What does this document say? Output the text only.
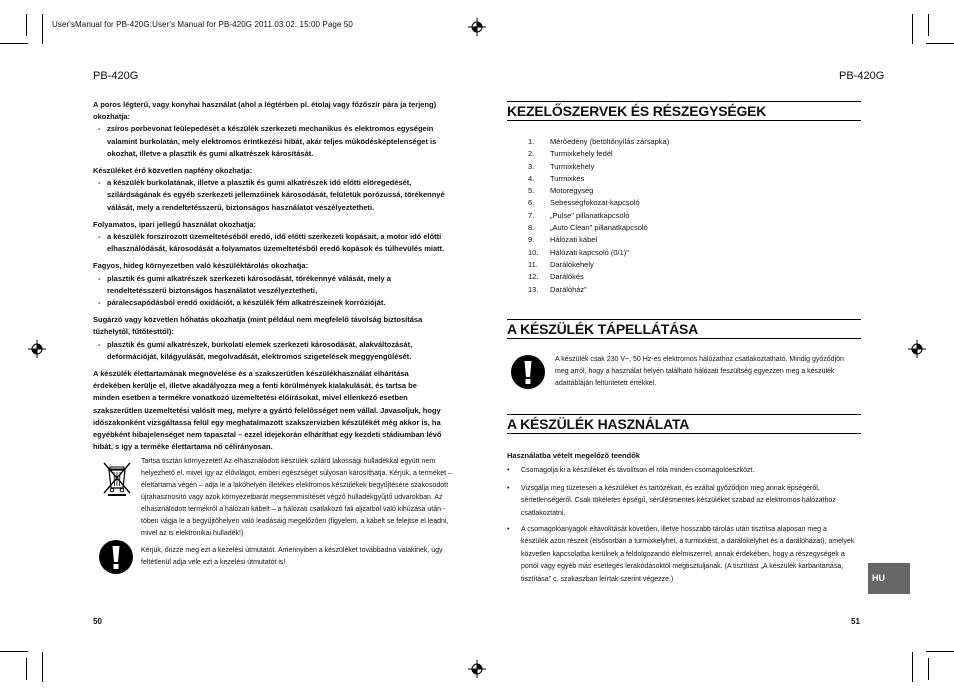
User'sManual for PB-420G:User's Manual for PB-420G 2011.03.02. 15:00 Page 50
PB-420G

A poros légterű, vagy konyhai használat (ahol a légtérben pl. étolaj vagy főzőszír pára ja terjeng) okozhatja:

- zsíros porbevonat leülepedését a készülék szerkezeti mechanikus és elektromos egységein valamint burkolatán, mely elektromos érintkezési hibát, akár teljes működésképtelenséget is okozhat, illetve a plasztik és gumi alkatrészek károsítását.

Készüléket érő közvetlen napfény okozhatja:

- a készülék burkolatának, illetve a plasztik és gumi alkatrészek idő előtti elöregedését, szilárdságának és egyéb szerkezeti jellemzőinek károsodását, felületük porózussá, törékennyé válását, mely a rendeltetésszerű, biztonságos használatot veszélyeztetheti.

Folyamatos, ipari jellegű használat okozhatja:

- a készülék forszírozott üzemeltetéséből eredő, idő előtti szerkezeti kopásait, a motor idő előtti elhasználódását, károsodását a folyamatos üzemeltetésből eredő kopások és túlhevülés miatt.

Fagyos, hideg környezetben való készüléktárolás okozhatja:

- plasztik és gumi alkatrészek szerkezeti károsodását, törékennyé válását, mely a rendeltetésszerű biztonságos használatot veszélyeztetheti,

- páralecsapódásból eredő oxidációt, a készülék fém alkatrészeinek korrózióját.

Sugárzó vagy közvetlen hőhatás okozhatja (mint például nem megfelelő távolság biztosítása tűzhelytől, fűtőtesttől):

- plasztik és gumi alkatrészek, burkolati elemek szerkezeti károsodását, alakváltozását, deformációját, kilágyulását, megolvadását, elektromos szigetelések meggyengülését.

A készülék élettartamának megnövelése és a szakszerűtlen készülékhasználat elhárítása érdekében kerülje el, illetve akadályozza meg a fenti körülmények kialakulását, és tartsa be minden esetben a termékre vonatkozó üzemeltetési előírásokat, mivel ellenkező esetben szakszerűtlen üzemeltetési valósít meg, melyre a gyártó felelősséget nem vállal. Javasoljuk, hogy időszakonként vizsgáltassa felül egy meghatalmazott szakszervizben készülékét még akkor is, ha egyébként hibajelenséget nem tapasztal – ezzel idejekorán elháríthat egy kezdeti stádiumban lévő hibát, s így a terméke élettartama nő célirányosan.

Tartsa tisztán környezetét! Az elhasználódott készülék szilárd lakossági hulladékkal együtt nem helyezhető el, mivel így az élővilágot, emberi egészséget súlyosan károsíthatja. Kérjük, a terméket – élettartama végén – adja le a lakóhelyén illetékes elektromos készülékek begyűjtésére szakosodott újrahasznosító vagy azok környezetbarát megsemmisítését végző hulladékgyűjtő udvarokban. Az elhasználódott termékről a hálózati kábelt – a hálózati csatlakozó fali aljzatból való kihúzása után - töben vágja le a begyűjtőhelyen való leadásáig megelőzően (figyelem, a kábelt se felejtse el leadni, mivel az is elektronikai hulladék!)
Kérjük, őrizze meg ezt a kezelési útmutatót. Amennyiben a készüléket továbbadná valakinek, úgy feltétlenül adja vele ezt a kezelési útmutatót is!
50
PB-420G
KEZELŐSZERVEK ÉS RÉSZEGYSÉGEK
1.	Mérőedény (betöltőnyílás zársapka)
2.	Turmixkehely fedél
3.	Turmixkehely
4.	Turmixkés
5.	Motoregység
6.	Sebességfokozat-kapcsoló
7.	„Pulse" pillanatkapcsoló
8.	„Auto Clean" pillanatkapcsoló
9.	Hálózati kábel
10.	Hálózati kapcsoló (0/1)"
11.	Darálókehely
12.	Darálókés
13.	Darálóház"
A KÉSZÜLÉK TÁPELLÁTÁSA
A készülék csak 230 V~, 50 Hz-es elektromos hálózathoz csatlakoztatható. Mindig győződjön meg arról, hogy a használat helyén található hálózati feszültség egyezzen meg a készülék adattábláján feltüntetett értékkel.
A KÉSZÜLÉK HASZNÁLATA
Használatba vételt megelőző teendők
• Csomagolja ki a készüléket és távolítson el róla minden csomagolóeszközt.
• Vizsgálja meg tüzetesen a készüléket és tartozékait, és ezáltal győződjön meg annak épségéről, sértetlenségéről. Csak tökéletes épségű, sérülésmentes készüléket szabad az elektromos hálózathoz csatlakoztatni.
• A csomagolóanyagok eltávolítását követően, illetve hosszabb tárolás után tisztítsa alaposan meg a készülék azon részeit (elsősorban a turmixkelyhet, a turmixkést, a darálókelyhet és a darálóházat), amelyek közvetlen kapcsolatba kerülnek a feldolgozandó élelmiszerrel, annak érdekében, hogy a részegységek a portól vagy egyéb más esetleges lerakódásoktól megtisztuljanak. (A tisztítást „A készülék karbantartása, tisztítása" c. szakaszban leírtak szerint végezze.)	HU
51
